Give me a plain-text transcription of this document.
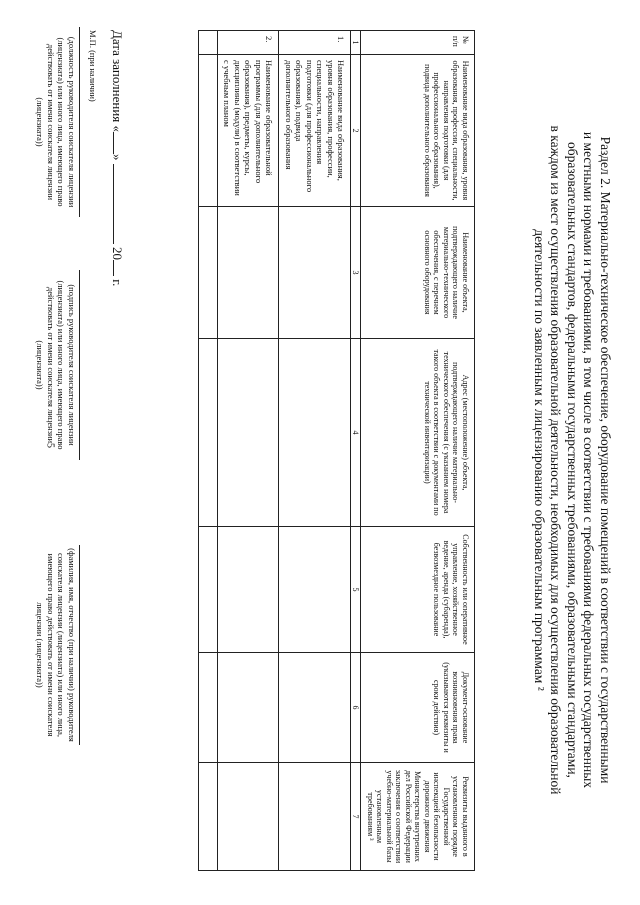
5	Раздел 2. Материально-техническое обеспечение, оборудование помещений в соответствии с государственными
и местными нормами и требованиями, в том числе в соответствии с требованиями федеральных государственных
образовательных стандартов, федеральными государственных требованиями, образовательными стандартами,
в каждом из мест осуществления образовательной деятельности, необходимых для осуществления образовательной
деятельности по заявленным к лицензированию образовательным программам ²
№ п/п	Наименование вида образования, уровня образования, профессии, специальности, направления подготовки (для профессионального образования), подвида дополнительного образования	Наименование объекта, подтверждающего наличие материально-технического обеспечения, с перечнем основного оборудования	Адрес (местоположение) объекта, подтверждающего наличие материально-технического обеспечения (с указанием номера такого объекта в соответствии с документами по технической инвентаризации)	Собственность или оперативное управление, хозяйственное ведение, аренда (субаренда), безвозмездное пользование	Документ-основание возникновения права (указываются реквизиты и сроки действия)	Реквизиты выданного в установленном порядке Государственной инспекцией безопасности дорожного движения Министерства внутренних дел Российской Федерации заключения о соответствии учебно-материальной базы установленным требованиям ³
1	2	3	4	5	6	7
1.	Наименование вида образования, уровня образования, профессии, специальности, направления подготовки (для профессионального образования), подвида дополнительного образования					
2.	Наименование образовательной программы (для дополнительного образования), предметы, курсы, дисциплины (модули) в соответствии с учебным планом					

Дата заполнения «»  20 г.
М.П. (при наличии)
(должность руководителя соискателя лицензии (лицензиата) или иного лица, имеющего право действовать от имени соискателя лицензии (лицензиата))
(подпись руководителя соискателя лицензии (лицензиата) или иного лица, имеющего право действовать от имени соискателя лицензии (лицензиата))
(фамилия, имя, отчество (при наличии) руководителя соискателя лицензии (лицензиата) или иного лица, имеющего право действовать от имени соискателя лицензии (лицензиата))
